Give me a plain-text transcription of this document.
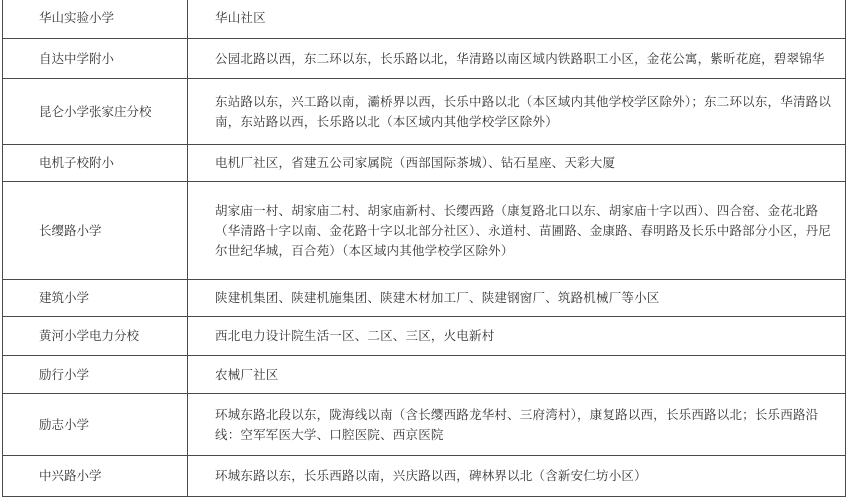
华山实验小学	华山社区
自达中学附小	公园北路以西，东二环以东，长乐路以北，华清路以南区域内铁路职工小区，金花公寓，紫昕花庭，碧翠锦华
昆仑小学张家庄分校	东站路以东，兴工路以南，灞桥界以西，长乐中路以北（本区域内其他学校学区除外）；东二环以东，华清路以南，东站路以西，长乐路以北（本区域内其他学校学区除外）
电机子校附小	电机厂社区，省建五公司家属院（西部国际茶城）、钻石星座、天彩大厦
长缨路小学	胡家庙一村、胡家庙二村、胡家庙新村、长缨西路（康复路北口以东、胡家庙十字以西）、四合窑、金花北路（华清路十字以南、金花路十字以北部分社区）、永道村、苗圃路、金康路、春明路及长乐中路部分小区，丹尼尔世纪华城，百合苑）（本区域内其他学校学区除外）
建筑小学	陕建机集团、陕建机施集团、陕建木材加工厂、陕建钢窗厂、筑路机械厂等小区
黄河小学电力分校	西北电力设计院生活一区、二区、三区，火电新村
励行小学	农械厂社区
励志小学	环城东路北段以东，陇海线以南（含长缨西路龙华村、三府湾村），康复路以西，长乐西路以北；长乐西路沿线：空军军医大学、口腔医院、西京医院
中兴路小学	环城东路以东，长乐西路以南，兴庆路以西，碑林界以北（含新安仁坊小区）
